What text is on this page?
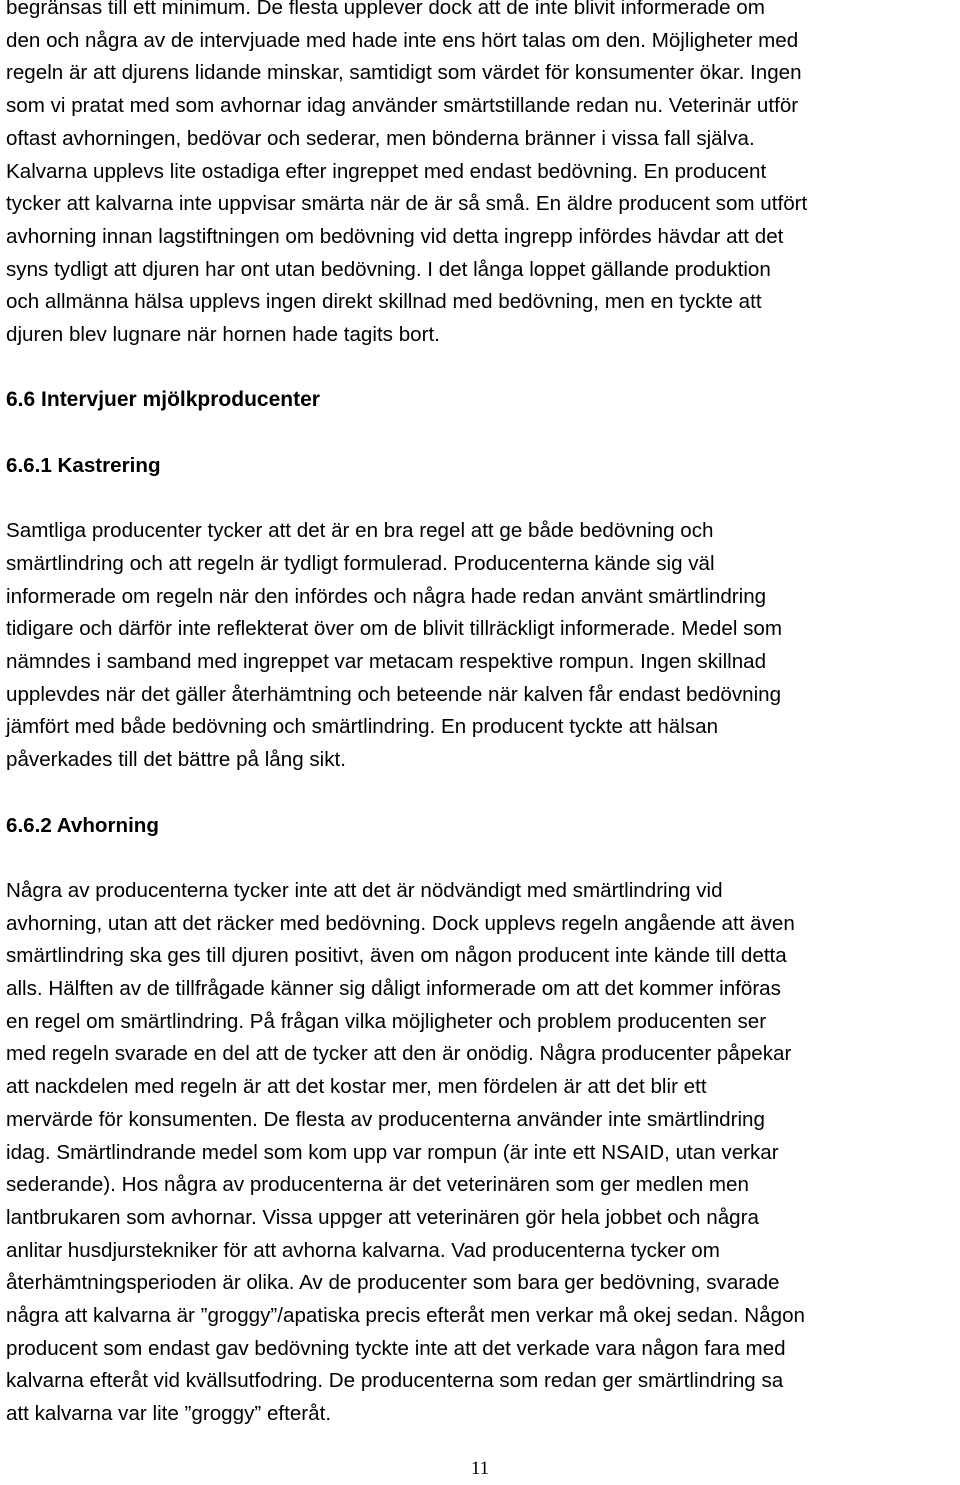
begränsas till ett minimum. De flesta upplever dock att de inte blivit informerade om

den och några av de intervjuade med hade inte ens hört talas om den. Möjligheter med

regeln är att djurens lidande minskar, samtidigt som värdet för konsumenter ökar. Ingen

som vi pratat med som avhornar idag använder smärtstillande redan nu. Veterinär utför

oftast avhorningen, bedövar och sederar, men bönderna bränner i vissa fall själva.

Kalvarna upplevs lite ostadiga efter ingreppet med endast bedövning. En producent

tycker att kalvarna inte uppvisar smärta när de är så små. En äldre producent som utfört

avhorning innan lagstiftningen om bedövning vid detta ingrepp infördes hävdar att det

syns tydligt att djuren har ont utan bedövning. I det långa loppet gällande produktion

och allmänna hälsa upplevs ingen direkt skillnad med bedövning, men en tyckte att

djuren blev lugnare när hornen hade tagits bort.

6.6 Intervjuer mjölkproducenter
6.6.1 Kastrering

Samtliga producenter tycker att det är en bra regel att ge både bedövning och

smärtlindring och att regeln är tydligt formulerad. Producenterna kände sig väl

informerade om regeln när den infördes och några hade redan använt smärtlindring

tidigare och därför inte reflekterat över om de blivit tillräckligt informerade. Medel som

nämndes i samband med ingreppet var metacam respektive rompun. Ingen skillnad

upplevdes när det gäller återhämtning och beteende när kalven får endast bedövning

jämfört med både bedövning och smärtlindring. En producent tyckte att hälsan

påverkades till det bättre på lång sikt.

6.6.2 Avhorning

Några av producenterna tycker inte att det är nödvändigt med smärtlindring vid

avhorning, utan att det räcker med bedövning. Dock upplevs regeln angående att även

smärtlindring ska ges till djuren positivt, även om någon producent inte kände till detta

alls. Hälften av de tillfrågade känner sig dåligt informerade om att det kommer införas

en regel om smärtlindring. På frågan vilka möjligheter och problem producenten ser

med regeln svarade en del att de tycker att den är onödig. Några producenter påpekar

att nackdelen med regeln är att det kostar mer, men fördelen är att det blir ett

mervärde för konsumenten. De flesta av producenterna använder inte smärtlindring

idag. Smärtlindrande medel som kom upp var rompun (är inte ett NSAID, utan verkar

sederande). Hos några av producenterna är det veterinären som ger medlen men

lantbrukaren som avhornar. Vissa uppger att veterinären gör hela jobbet och några

anlitar husdjurstekniker för att avhorna kalvarna. Vad producenterna tycker om

återhämtningsperioden är olika. Av de producenter som bara ger bedövning, svarade

några att kalvarna är ”groggy”/apatiska precis efteråt men verkar må okej sedan. Någon

producent som endast gav bedövning tyckte inte att det verkade vara någon fara med

kalvarna efteråt vid kvällsutfodring. De producenterna som redan ger smärtlindring sa

att kalvarna var lite ”groggy” efteråt.

11
